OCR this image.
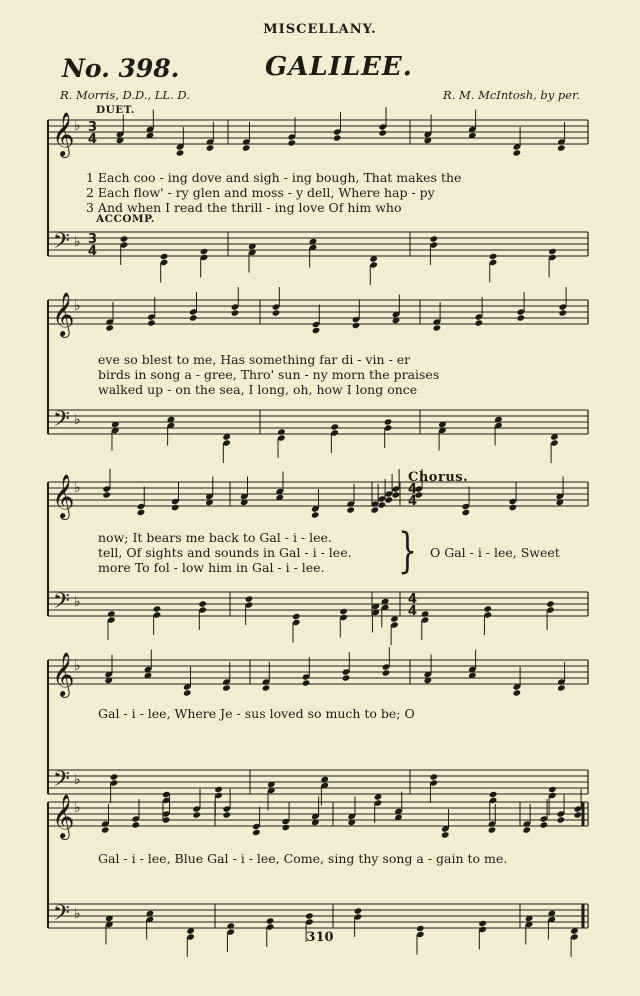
𝄞 ♭
𝄢 ♭
3
4
3
4
𝄞 ♭
𝄢 ♭
𝄞 ♭
𝄢 ♭
4
4
4
4
𝄞 ♭
𝄢 ♭
𝄞 ♭
𝄢 ♭
MISCELLANY.
No. 398.	GALILEE.
R. Morris, D.D., LL. D.	R. M. McIntosh, by per.
DUET.
ACCOMP.
Chorus.
1 Each coo - ing dove and sigh - ing bough, That makes the
2 Each flow' - ry glen and moss - y dell, Where hap - py
3 And when I read the thrill - ing love Of him who
eve so blest to me, Has something far di - vin - er
birds in song a - gree, Thro' sun - ny morn the praises
walked up - on the sea, I long, oh, how I long once
now; It bears me back to Gal - i - lee.
tell, Of sights and sounds in Gal - i - lee.
more To fol - low him in Gal - i - lee. } O Gal - i - lee, Sweet
Gal - i - lee, Where Je - sus loved so much to be; O
Gal - i - lee, Blue Gal - i - lee, Come, sing thy song a - gain to me.
310
